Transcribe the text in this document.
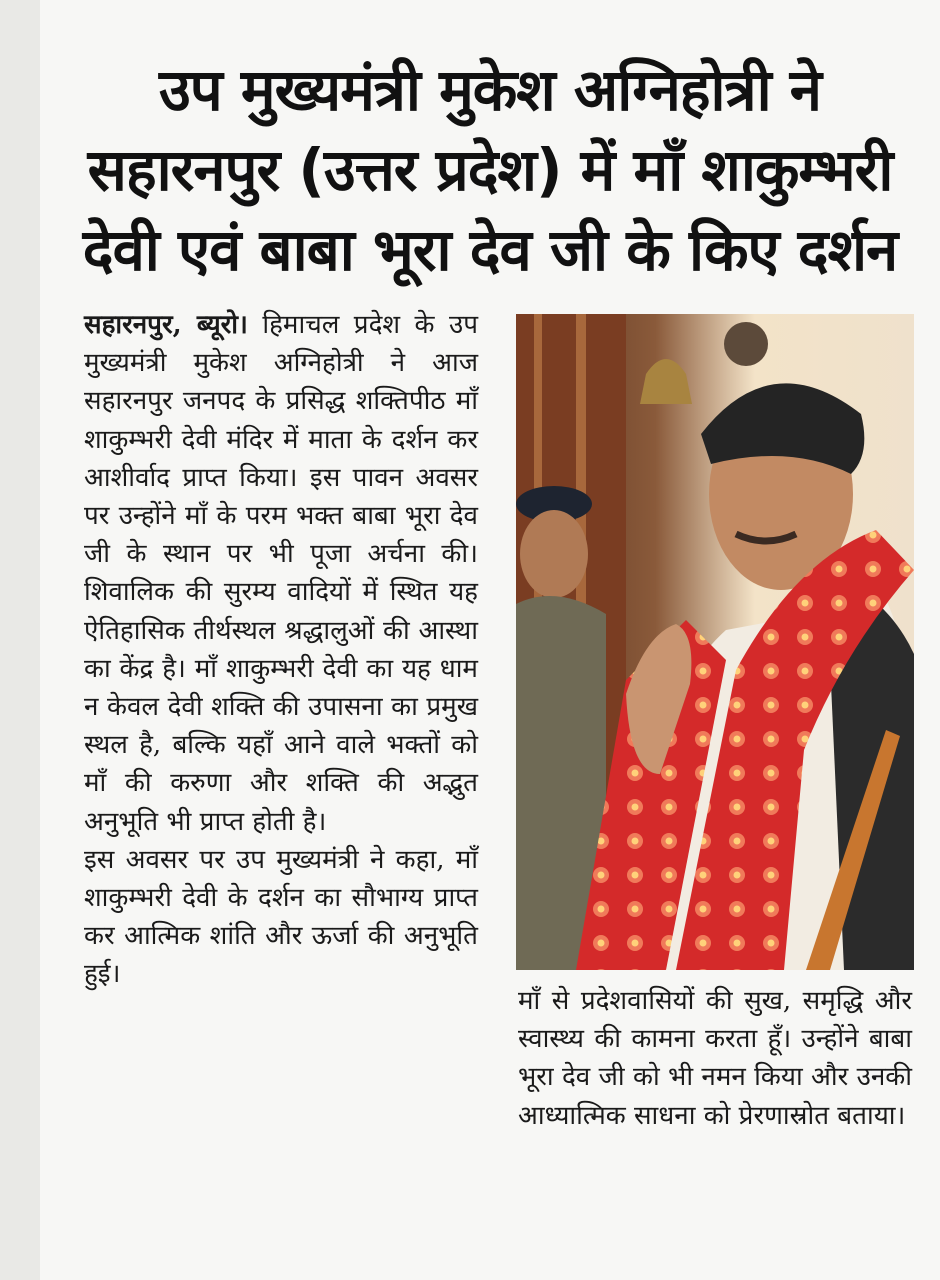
उप मुख्यमंत्री मुकेश अग्निहोत्री ने सहारनपुर (उत्तर प्रदेश) में माँ शाकुम्भरी देवी एवं बाबा भूरा देव जी के किए दर्शन

सहारनपुर, ब्यूरो। हिमाचल प्रदेश के उप मुख्यमंत्री मुकेश अग्निहोत्री ने आज सहारनपुर जनपद के प्रसिद्ध शक्तिपीठ माँ शाकुम्भरी देवी मंदिर में माता के दर्शन कर आशीर्वाद प्राप्त किया। इस पावन अवसर पर उन्होंने माँ के परम भक्त बाबा भूरा देव जी के स्थान पर भी पूजा अर्चना की। शिवालिक की सुरम्य वादियों में स्थित यह ऐतिहासिक तीर्थस्थल श्रद्धालुओं की आस्था का केंद्र है। माँ शाकुम्भरी देवी का यह धाम न केवल देवी शक्ति की उपासना का प्रमुख स्थल है, बल्कि यहाँ आने वाले भक्तों को माँ की करुणा और शक्ति की अद्भुत अनुभूति भी प्राप्त होती है।

इस अवसर पर उप मुख्यमंत्री ने कहा, माँ शाकुम्भरी देवी के दर्शन का सौभाग्य प्राप्त कर आत्मिक शांति और ऊर्जा की अनुभूति हुई।

माँ से प्रदेशवासियों की सुख, समृद्धि और स्वास्थ्य की कामना करता हूँ। उन्होंने बाबा भूरा देव जी को भी नमन किया और उनकी आध्यात्मिक साधना को प्रेरणास्रोत बताया।
